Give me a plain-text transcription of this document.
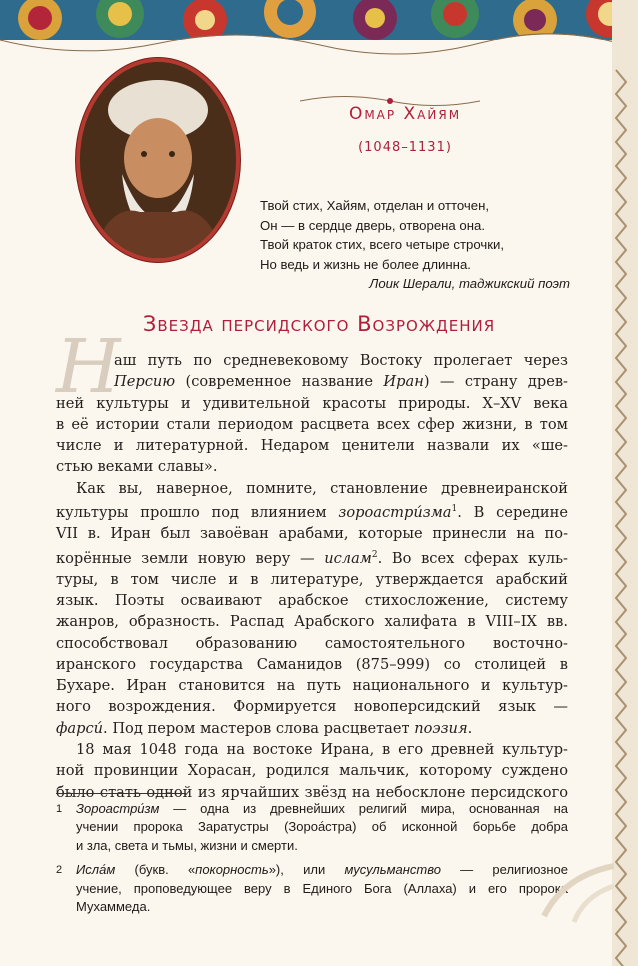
Омар Хайям
(1048–1131)
Твой стих, Хайям, отделан и отточен,
Он — в сердце дверь, отворена она.
Твой краток стих, всего четыре строчки,
Но ведь и жизнь не более длинна.
Лоик Шерали, таджикский поэт
Звезда персидского Возрождения
Н
аш путь по средневековому Востоку пролегает через
Персию (современное название Иран) — страну древ-
ней культуры и удивительной красоты природы. X–XV века
в её истории стали периодом расцвета всех сфер жизни, в том
числе и литературной. Недаром ценители назвали их «ше-
стью веками славы».
Как вы, наверное, помните, становление древнеиранской
культуры прошло под влиянием зороастри́зма$^1$. В середине
VII в. Иран был завоёван арабами, которые принесли на по-
корённые земли новую веру — ислам$^2$. Во всех сферах куль-
туры, в том числе и в литературе, утверждается арабский
язык. Поэты осваивают арабское стихосложение, систему
жанров, образность. Распад Арабского халифата в VIII–IX вв.
способствовал образованию самостоятельного восточно-
иранского государства Саманидов (875–999) со столицей в
Бухаре. Иран становится на путь национального и культур-
ного возрождения. Формируется новоперсидский язык —
фарси́. Под пером мастеров слова расцветает поэзия.
18 мая 1048 года на востоке Ирана, в его древней культур-
ной провинции Хорасан, родился мальчик, которому суждено
было стать одной из ярчайших звёзд на небосклоне персидского
1 Зороастри́зм — одна из древнейших религий мира, основанная на
учении пророка Заратустры (Зороа́стра) об исконной борьбе добра
и зла, света и тьмы, жизни и смерти.
2 Исла́м (букв. «покорность»), или мусульманство — религиозное
учение, проповедующее веру в Единого Бога (Аллаха) и его пророка
Мухаммеда.
